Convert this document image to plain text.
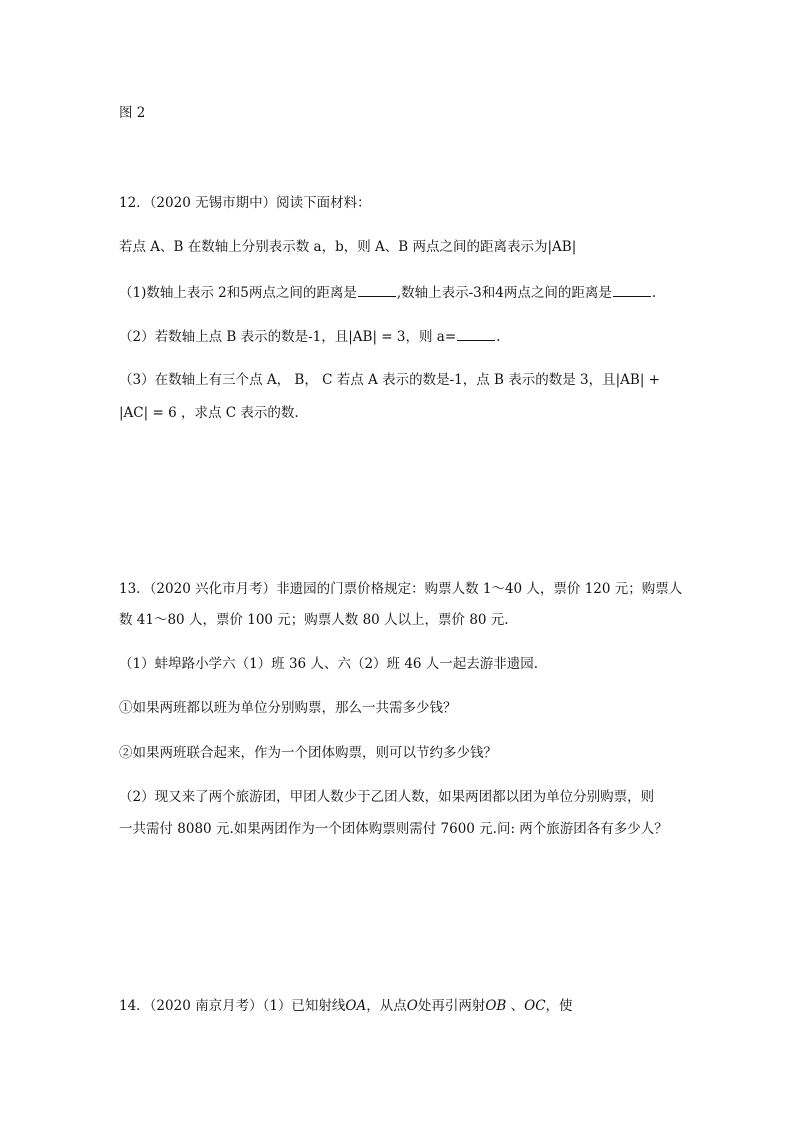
图 2
12．（2020 无锡市期中）阅读下面材料：
若点 A、B 在数轴上分别表示数 a，b，则 A、B 两点之间的距离表示为|AB|
（1)数轴上表示 2和5两点之间的距离是	,数轴上表示-3和4两点之间的距离是	.
（2）若数轴上点 B 表示的数是-1，且|AB| = 3，则 a=	.
（3）在数轴上有三个点 A， B， C 若点 A 表示的数是-1，点 B 表示的数是 3，且|AB| +
|AC| = 6 ，求点 C 表示的数.
13．（2020 兴化市月考）非遗园的门票价格规定：购票人数 1～40 人，票价 120 元；购票人
数 41～80 人，票价 100 元；购票人数 80 人以上，票价 80 元.
（1）蚌埠路小学六（1）班 36 人、六（2）班 46 人一起去游非遗园.
①如果两班都以班为单位分别购票，那么一共需多少钱？
②如果两班联合起来，作为一个团体购票，则可以节约多少钱？
（2）现又来了两个旅游团，甲团人数少于乙团人数，如果两团都以团为单位分别购票，则
一共需付 8080 元.如果两团作为一个团体购票则需付 7600 元.问: 两个旅游团各有多少人？
14．（2020 南京月考）（1）已知射线OA，从点O处再引两射OB 、OC，使
